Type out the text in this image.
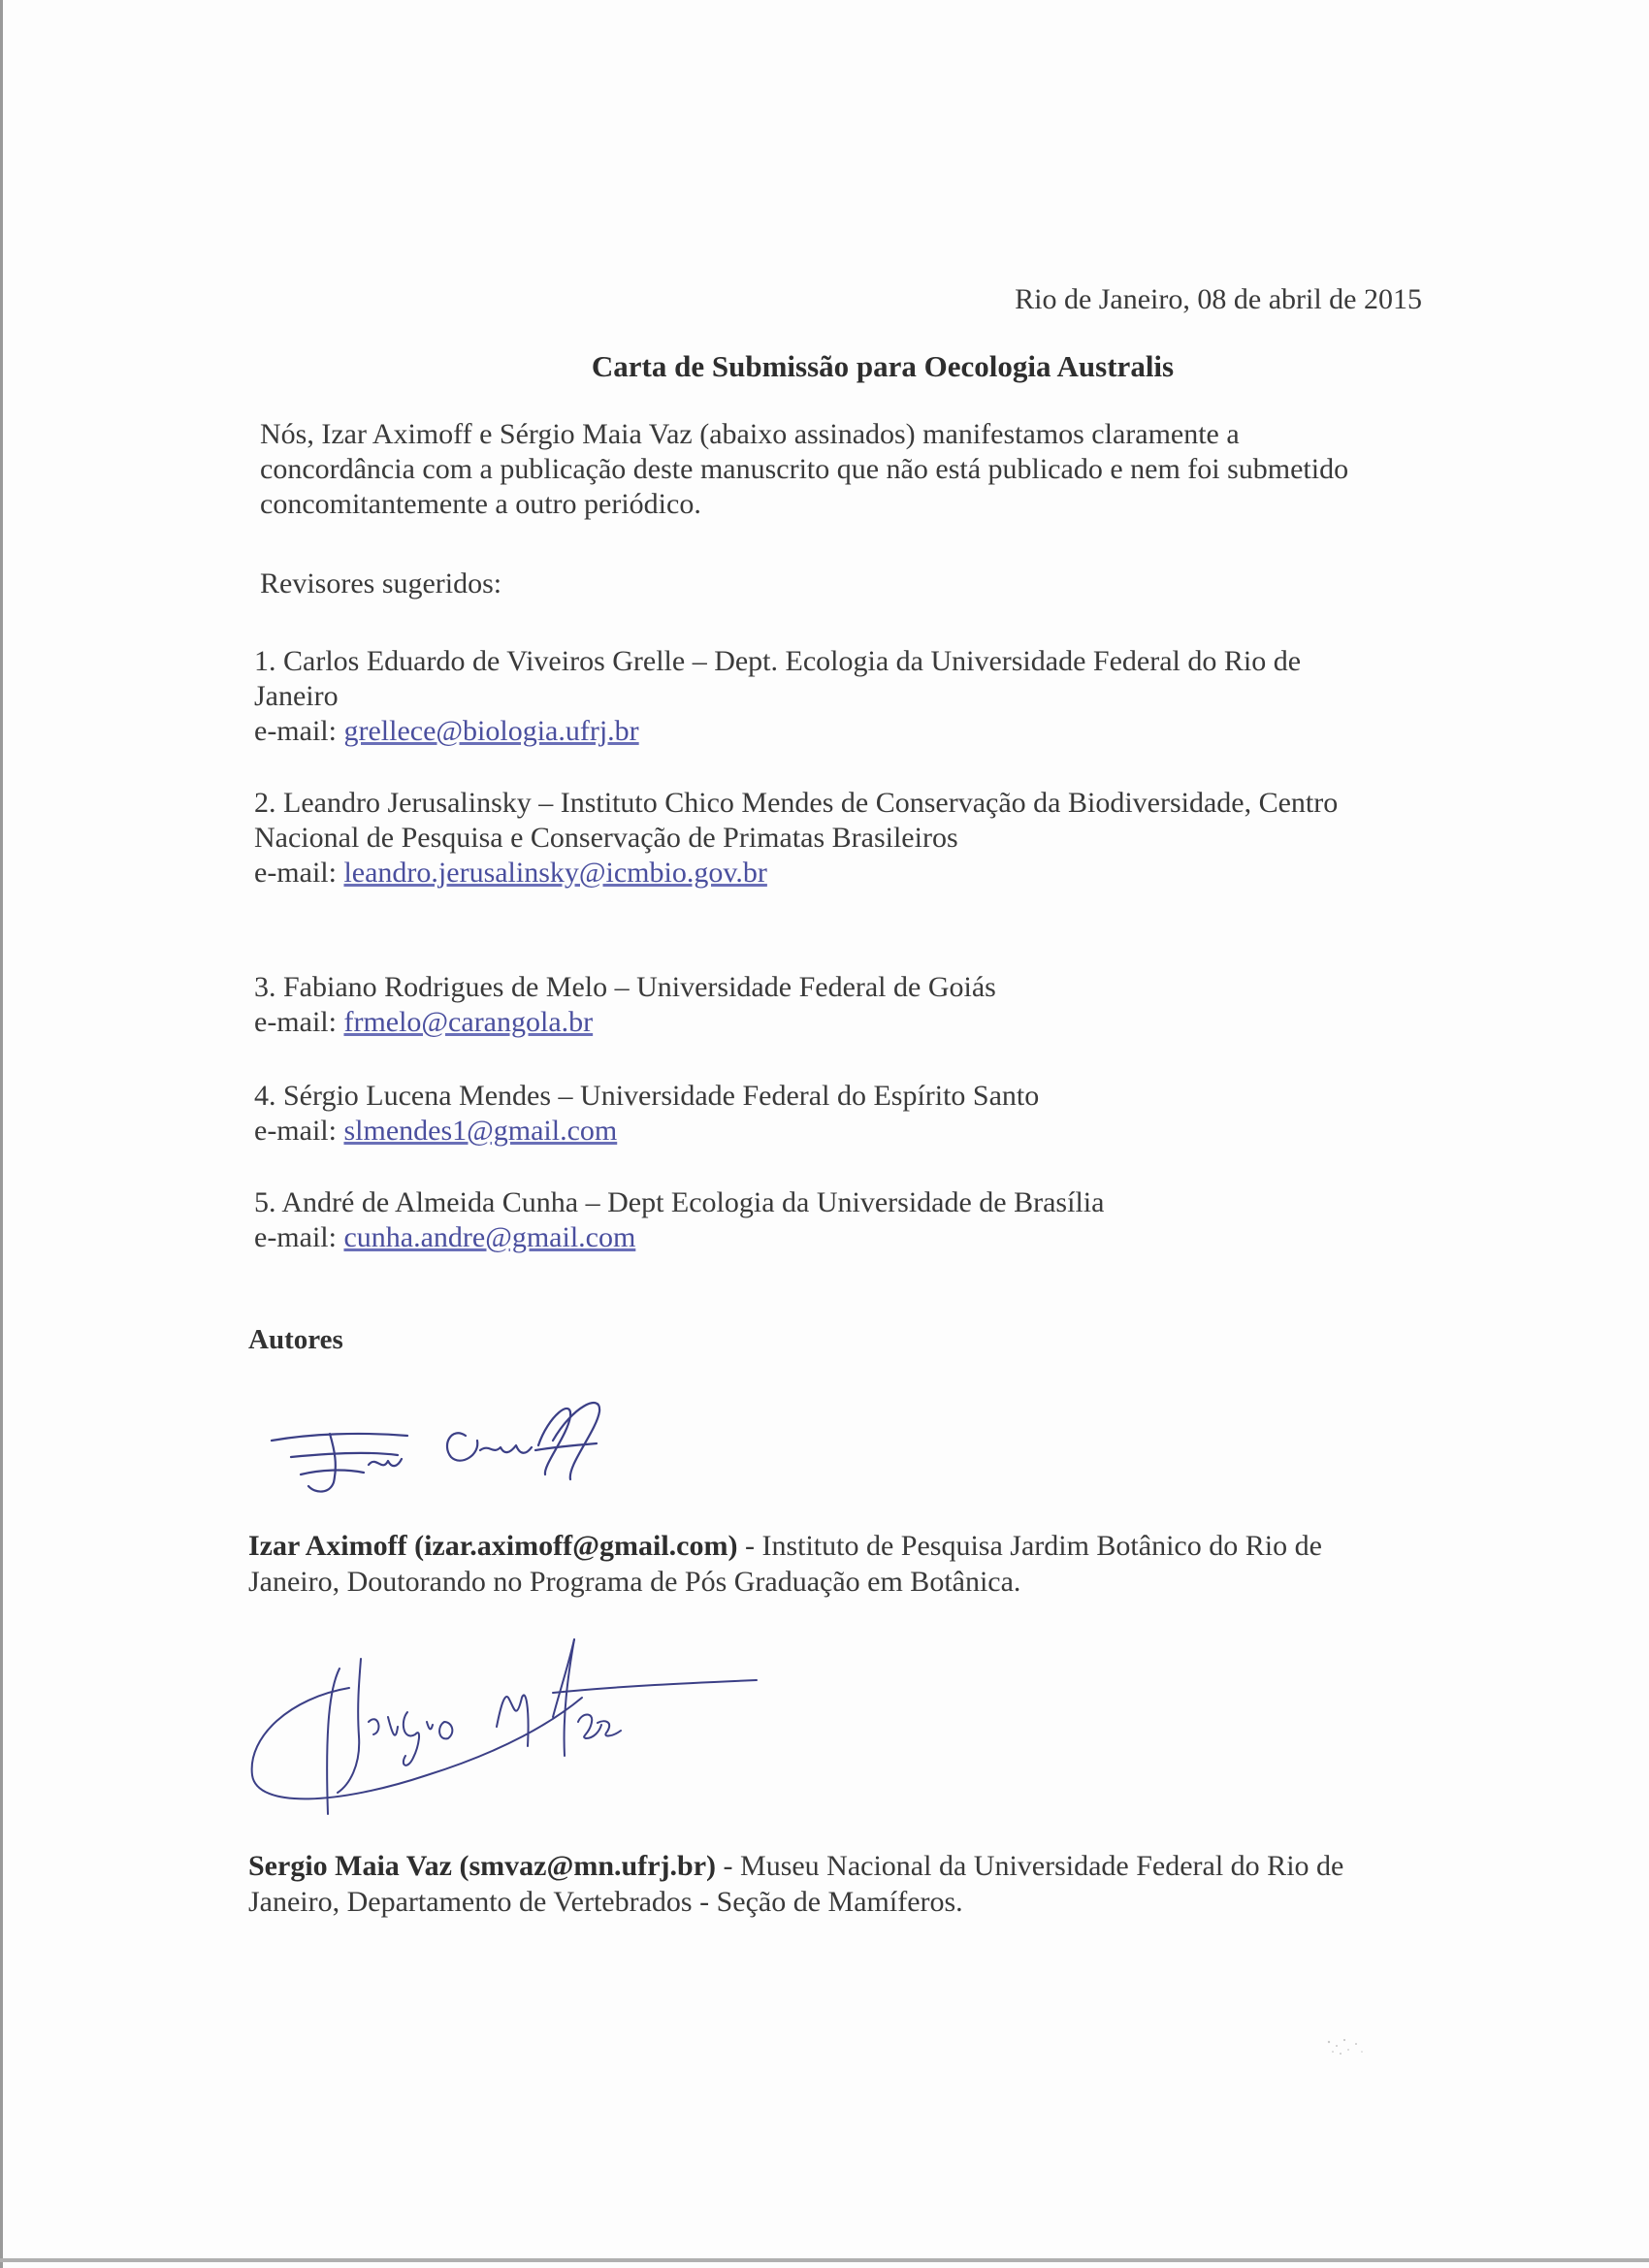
Rio de Janeiro, 08 de abril de 2015
Carta de Submissão para Oecologia Australis

Nós, Izar Aximoff e Sérgio Maia Vaz (abaixo assinados) manifestamos claramente a concordância com a publicação deste manuscrito que não está publicado e nem foi submetido concomitantemente a outro periódico.

Revisores sugeridos:
1. Carlos Eduardo de Viveiros Grelle – Dept. Ecologia da Universidade Federal do Rio de Janeiro
e-mail: grellece@biologia.ufrj.br
2. Leandro Jerusalinsky – Instituto Chico Mendes de Conservação da Biodiversidade, Centro Nacional de Pesquisa e Conservação de Primatas Brasileiros
e-mail: leandro.jerusalinsky@icmbio.gov.br
3. Fabiano Rodrigues de Melo – Universidade Federal de Goiás
e-mail: frmelo@carangola.br
4. Sérgio Lucena Mendes – Universidade Federal do Espírito Santo
e-mail: slmendes1@gmail.com
5. André de Almeida Cunha – Dept Ecologia da Universidade de Brasília
e-mail: cunha.andre@gmail.com
Autores
Izar Aximoff (izar.aximoff@gmail.com) - Instituto de Pesquisa Jardim Botânico do Rio de Janeiro, Doutorando no Programa de Pós Graduação em Botânica.
Sergio Maia Vaz (smvaz@mn.ufrj.br) - Museu Nacional da Universidade Federal do Rio de Janeiro, Departamento de Vertebrados - Seção de Mamíferos.
